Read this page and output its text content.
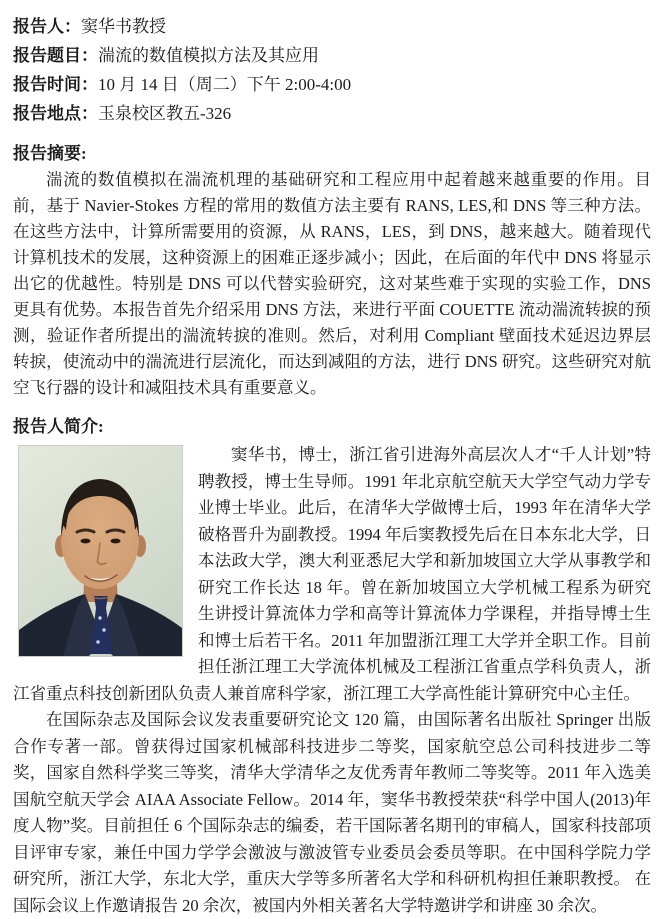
报告人：窦华书教授

报告题目：湍流的数值模拟方法及其应用

报告时间：10 月 14 日（周二）下午 2:00-4:00

报告地点：玉泉校区教五-326

报告摘要:

湍流的数值模拟在湍流机理的基础研究和工程应用中起着越来越重要的作用。目前，基于 Navier-Stokes 方程的常用的数值方法主要有 RANS, LES,和 DNS 等三种方法。在这些方法中，计算所需要用的资源，从 RANS，LES，到 DNS，越来越大。随着现代计算机技术的发展，这种资源上的困难正逐步减小；因此，在后面的年代中 DNS 将显示出它的优越性。特别是 DNS 可以代替实验研究，这对某些难于实现的实验工作，DNS 更具有优势。本报告首先介绍采用 DNS 方法，来进行平面 COUETTE 流动湍流转捩的预测，验证作者所提出的湍流转捩的准则。然后，对利用 Compliant 壁面技术延迟边界层转捩，使流动中的湍流进行层流化，而达到减阻的方法，进行 DNS 研究。这些研究对航空飞行器的设计和减阻技术具有重要意义。

报告人简介:

窦华书，博士，浙江省引进海外高层次人才“千人计划”特聘教授，博士生导师。1991 年北京航空航天大学空气动力学专业博士毕业。此后，在清华大学做博士后，1993 年在清华大学破格晋升为副教授。1994 年后窦教授先后在日本东北大学，日本法政大学，澳大利亚悉尼大学和新加坡国立大学从事教学和研究工作长达 18 年。曾在新加坡国立大学机械工程系为研究生讲授计算流体力学和高等计算流体力学课程，并指导博士生和博士后若干名。2011 年加盟浙江理工大学并全职工作。目前担任浙江理工大学流体机械及工程浙江省重点学科负责人，浙江省重点科技创新团队负责人兼首席科学家，浙江理工大学高性能计算研究中心主任。

在国际杂志及国际会议发表重要研究论文 120 篇，由国际著名出版社 Springer 出版合作专著一部。曾获得过国家机械部科技进步二等奖，国家航空总公司科技进步二等奖，国家自然科学奖三等奖，清华大学清华之友优秀青年教师二等奖等。2011 年入选美国航空航天学会 AIAA Associate Fellow。2014 年，窦华书教授荣获“科学中国人(2013)年度人物”奖。目前担任 6 个国际杂志的编委，若干国际著名期刊的审稿人，国家科技部项目评审专家，兼任中国力学学会激波与激波管专业委员会委员等职。在中国科学院力学研究所，浙江大学，东北大学，重庆大学等多所著名大学和科研机构担任兼职教授。 在国际会议上作邀请报告 20 余次，被国内外相关著名大学特邀讲学和讲座 30 余次。
